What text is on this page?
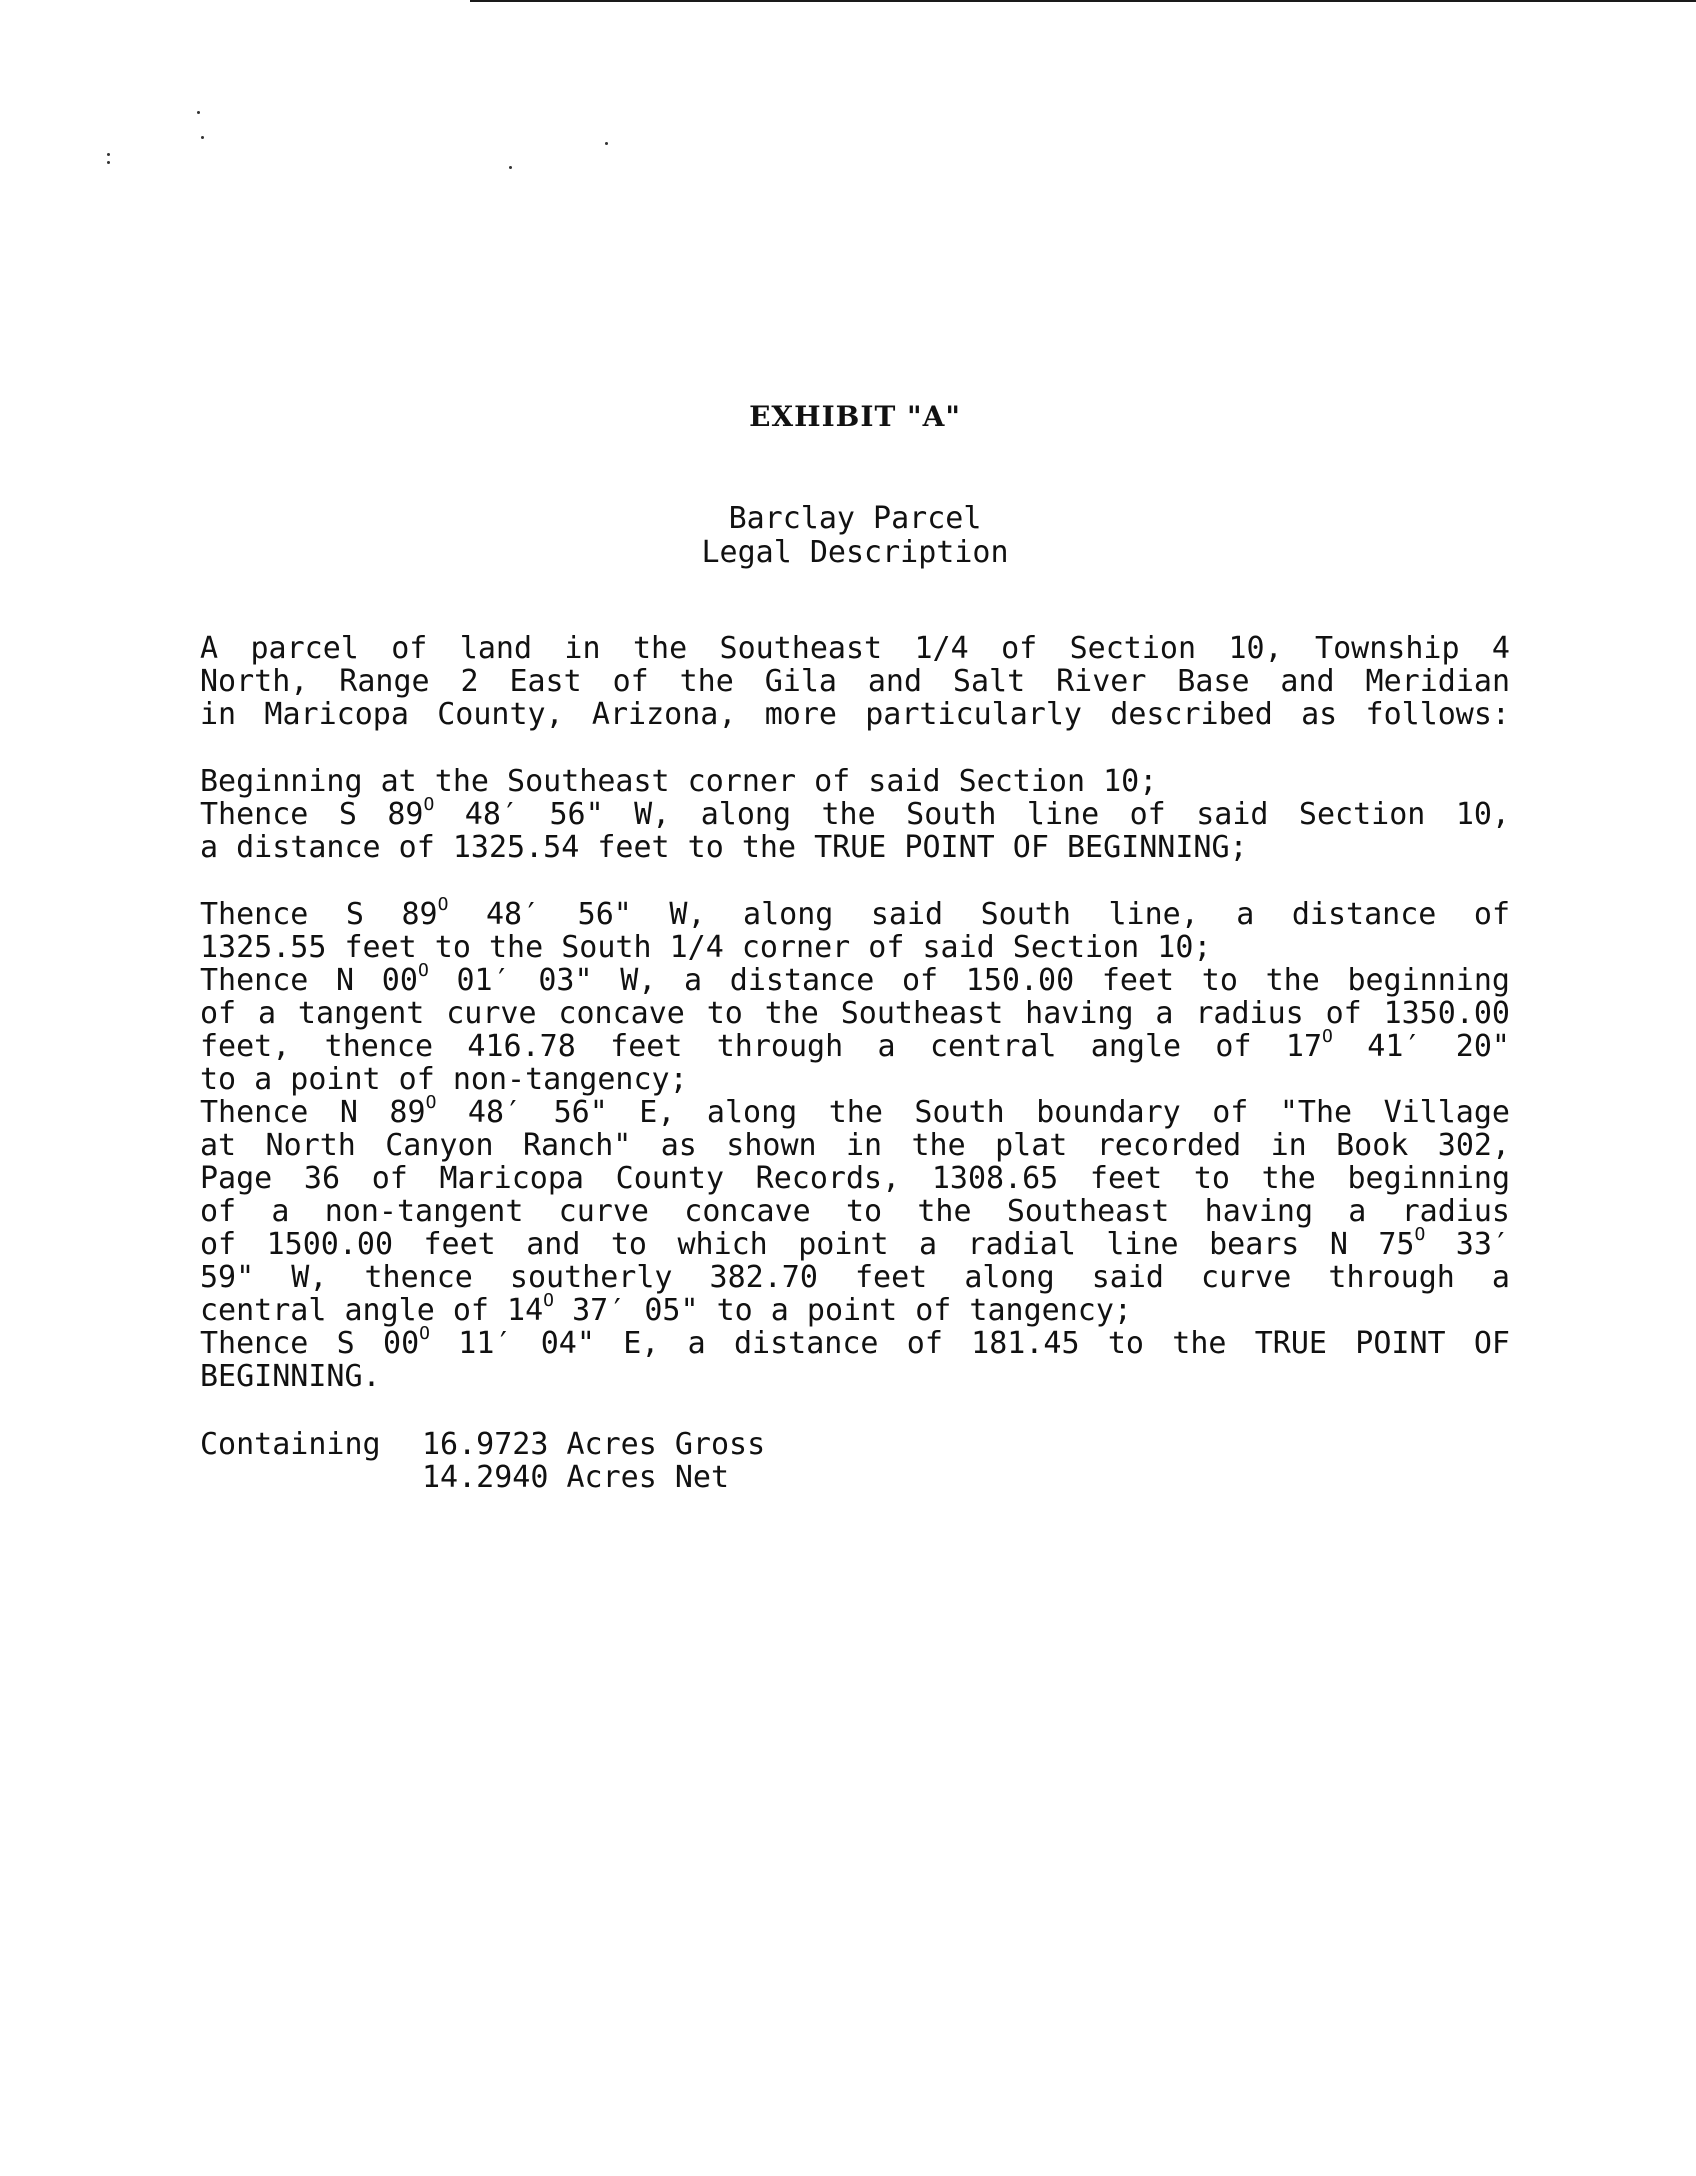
EXHIBIT "A"
Barclay Parcel
Legal Description
A parcel of land in the Southeast 1/4 of Section 10, Township 4
North, Range 2 East of the Gila and Salt River Base and Meridian
in Maricopa County, Arizona, more particularly described as follows:
Beginning at the Southeast corner of said Section 10;
Thence S $89^O$ 48′ 56" W, along the South line of said Section 10,
a distance of 1325.54 feet to the TRUE POINT OF BEGINNING;
Thence S $89^O$ 48′ 56" W, along said South line, a distance of
1325.55 feet to the South 1/4 corner of said Section 10;
Thence N $00^O$ 01′ 03" W, a distance of 150.00 feet to the beginning
of a tangent curve concave to the Southeast having a radius of 1350.00
feet, thence 416.78 feet through a central angle of $17^O$ 41′ 20"
to a point of non-tangency;
Thence N $89^O$ 48′ 56" E, along the South boundary of "The Village
at North Canyon Ranch" as shown in the plat recorded in Book 302,
Page 36 of Maricopa County Records, 1308.65 feet to the beginning
of a non-tangent curve concave to the Southeast having a radius
of 1500.00 feet and to which point a radial line bears N $75^O$ 33′
59" W, thence southerly 382.70 feet along said curve through a
central angle of $14^O$ 37′ 05" to a point of tangency;
Thence S $00^O$ 11′ 04" E, a distance of 181.45 to the TRUE POINT OF
BEGINNING.
Containing	16.9723 Acres Gross
14.2940 Acres Net
